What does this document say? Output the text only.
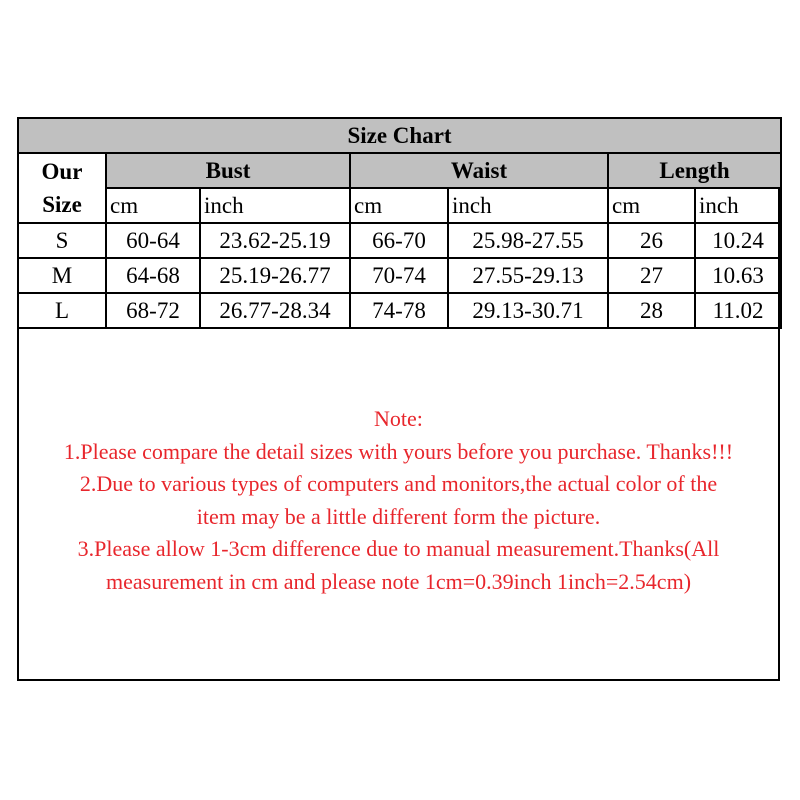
Size Chart						
Our
Size	Bust		Waist		Length	
	cm	inch	cm	inch	cm	inch
S	60-64	23.62-25.19	66-70	25.98-27.55	26	10.24
M	64-68	25.19-26.77	70-74	27.55-29.13	27	10.63
L	68-72	26.77-28.34	74-78	29.13-30.71	28	11.02
Note:
1.Please compare the detail sizes with yours before you purchase. Thanks!!!
2.Due to various types of computers and monitors,the actual color of the
item may be a little different form the picture.
3.Please allow 1-3cm difference due to manual measurement.Thanks(All
measurement in cm and please note 1cm=0.39inch 1inch=2.54cm)
